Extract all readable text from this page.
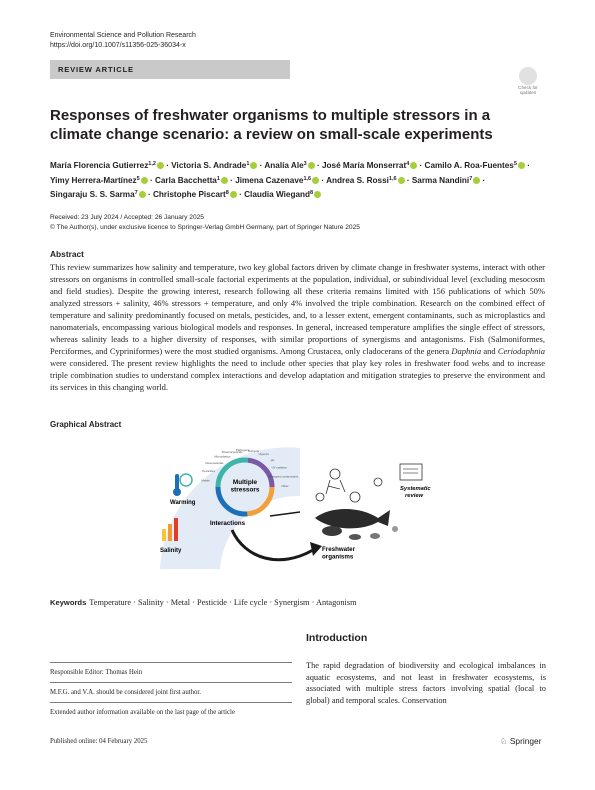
Environmental Science and Pollution Research
https://doi.org/10.1007/s11356-025-36034-x
REVIEW ARTICLE
Check for
updates
Responses of freshwater organisms to multiple stressors in a climate change scenario: a review on small-scale experiments
María Florencia Gutierrez$^{1,2}$ · Victoria S. Andrade$^1$ · Analía Ale$^3$ · José María Monserrat$^4$ · Camilo A. Roa-Fuentes$^5$ · Yimy Herrera-Martínez$^5$ · Carla Bacchetta$^1$ · Jimena Cazenave$^{1,6}$ · Andrea S. Rossi$^{1,6}$ · Sarma Nandini$^7$ · Singaraju S. S. Sarma$^7$ · Christophe Piscart$^8$ · Claudia Wiegand$^8$
Received: 23 July 2024 / Accepted: 26 January 2025
© The Author(s), under exclusive licence to Springer-Verlag GmbH Germany, part of Springer Nature 2025
Abstract

This review summarizes how salinity and temperature, two key global factors driven by climate change in freshwater systems, interact with other stressors on organisms in controlled small-scale factorial experiments at the population, individual, or subindividual level (excluding mesocosm and field studies). Despite the growing interest, research following all these criteria remains limited with 156 publications of which 50% analyzed stressors + salinity, 46% stressors + temperature, and only 4% involved the triple combination. Research on the combined effect of temperature and salinity predominantly focused on metals, pesticides, and, to a lesser extent, emergent contaminants, such as microplastics and nanomaterials, encompassing various biological models and responses. In general, increased temperature amplifies the single effect of stressors, whereas salinity leads to a higher diversity of responses, with similar proportions of synergisms and antagonisms. Fish (Salmoniformes, Perciformes, and Cypriniformes) were the most studied organisms. Among Crustacea, only cladocerans of the genera Daphnia and Ceriodaphnia were considered. The present review highlights the need to include other species that play key roles in freshwater food webs and to increase triple combination studies to understand complex interactions and develop adaptation and mitigation strategies to preserve the environment and its services in this changing world.

Graphical Abstract
Multiple stressors
Metals
Pesticides
Nanomaterials
Microplastics
Pharmaceuticals
Pathogens
Nutrients
Hypoxia
pH
UV radiation
Emergent contaminants
Other
Warming
Salinity
Interactions
Systematic review
Freshwater organisms
Keywords Temperature · Salinity · Metal · Pesticide · Life cycle · Synergism · Antagonism
Introduction
The rapid degradation of biodiversity and ecological imbalances in aquatic ecosystems, and not least in freshwater ecosystems, is associated with multiple stress factors involving spatial (local to global) and temporal scales. Conservation
Responsible Editor: Thomas Hein
M.F.G. and V.A. should be considered joint first author.
Extended author information available on the last page of the article
Published online: 04 February 2025	♘ Springer
